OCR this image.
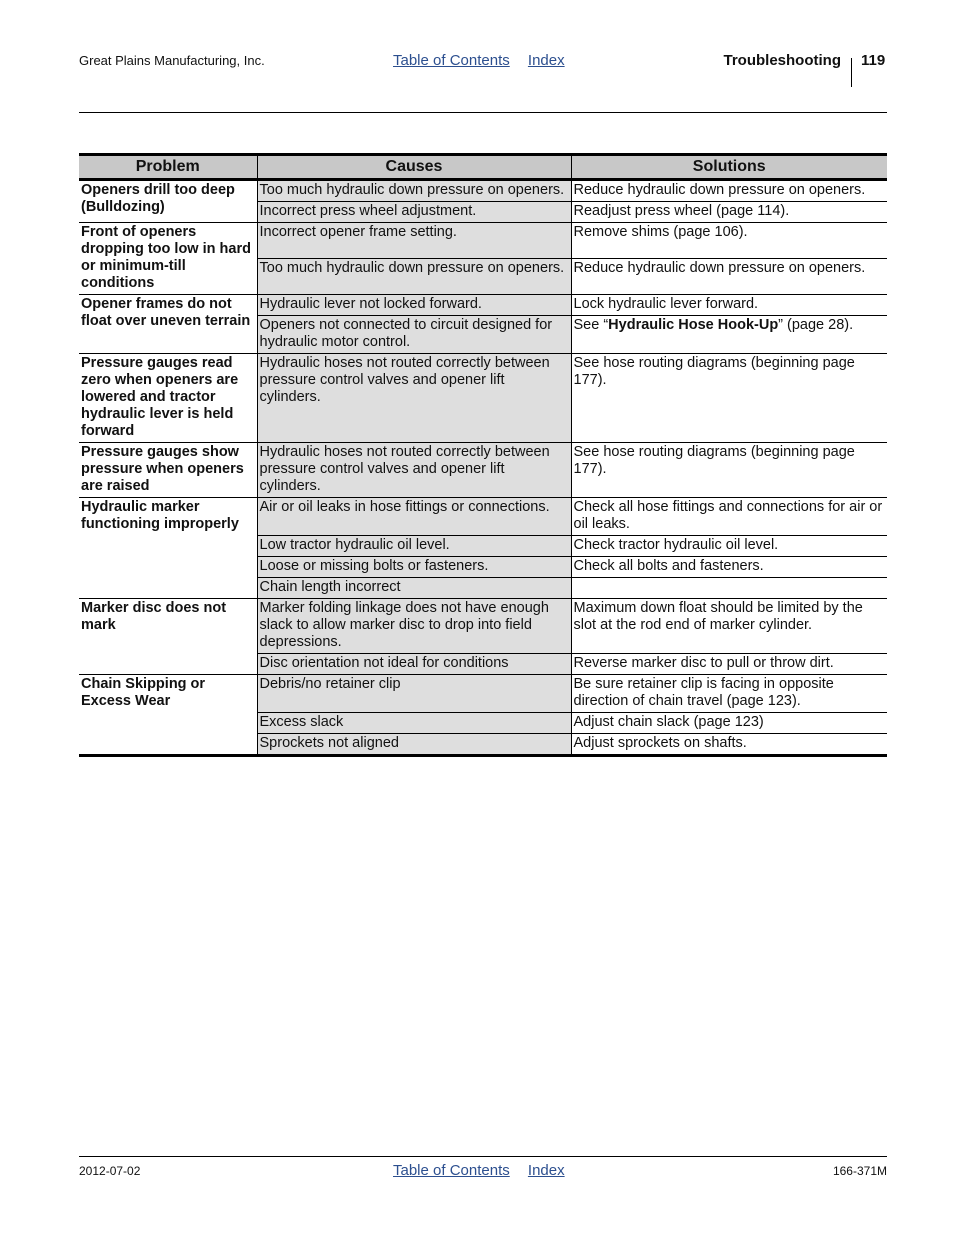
Great Plains Manufacturing, Inc.	Table of Contents Index	Troubleshooting 119
Problem	Causes	Solutions
Openers drill too deep (Bulldozing)	Too much hydraulic down pressure on openers.	Reduce hydraulic down pressure on openers.
	Incorrect press wheel adjustment.	Readjust press wheel (page 114).
Front of openers dropping too low in hard or minimum-till conditions	Incorrect opener frame setting.	Remove shims (page 106).
	Too much hydraulic down pressure on openers.	Reduce hydraulic down pressure on openers.
Opener frames do not float over uneven terrain	Hydraulic lever not locked forward.	Lock hydraulic lever forward.
	Openers not connected to circuit designed for hydraulic motor control.	See “Hydraulic Hose Hook-Up” (page 28).
Pressure gauges read zero when openers are lowered and tractor hydraulic lever is held forward	Hydraulic hoses not routed correctly between pressure control valves and opener lift cylinders.	See hose routing diagrams (beginning page 177).
Pressure gauges show pressure when openers are raised	Hydraulic hoses not routed correctly between pressure control valves and opener lift cylinders.	See hose routing diagrams (beginning page 177).
Hydraulic marker functioning improperly	Air or oil leaks in hose fittings or connections.	Check all hose fittings and connections for air or oil leaks.
	Low tractor hydraulic oil level.	Check tractor hydraulic oil level.
	Loose or missing bolts or fasteners.	Check all bolts and fasteners.
	Chain length incorrect	
Marker disc does not mark	Marker folding linkage does not have enough slack to allow marker disc to drop into field depressions.	Maximum down float should be limited by the slot at the rod end of marker cylinder.
	Disc orientation not ideal for conditions	Reverse marker disc to pull or throw dirt.
Chain Skipping or Excess Wear	Debris/no retainer clip	Be sure retainer clip is facing in opposite direction of chain travel (page 123).
	Excess slack	Adjust chain slack (page 123)
	Sprockets not aligned	Adjust sprockets on shafts.
2012-07-02	Table of Contents Index	166-371M
